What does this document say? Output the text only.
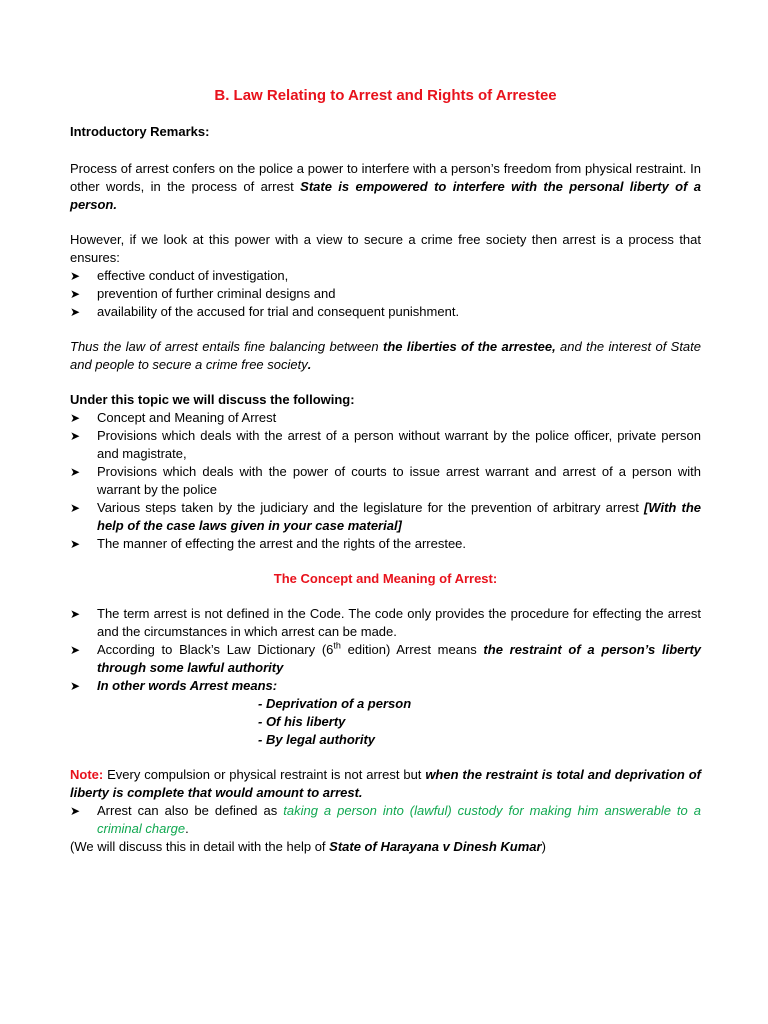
B. Law Relating to Arrest and Rights of Arrestee
Introductory Remarks:

Process of arrest confers on the police a power to interfere with a person’s freedom from physical restraint. In other words, in the process of arrest State is empowered to interfere with the personal liberty of a person.

However, if we look at this power with a view to secure a crime free society then arrest is a process that ensures:

➤	effective conduct of investigation,
➤	prevention of further criminal designs and
➤	availability of the accused for trial and consequent punishment.

Thus the law of arrest entails fine balancing between the liberties of the arrestee, and the interest of State and people to secure a crime free society.

Under this topic we will discuss the following:
➤	Concept and Meaning of Arrest
➤	Provisions which deals with the arrest of a person without warrant by the police officer, private person and magistrate,
➤	Provisions which deals with the power of courts to issue arrest warrant and arrest of a person with warrant by the police
➤	Various steps taken by the judiciary and the legislature for the prevention of arbitrary arrest [With the help of the case laws given in your case material]
➤	The manner of effecting the arrest and the rights of the arrestee.
The Concept and Meaning of Arrest:
➤	The term arrest is not defined in the Code. The code only provides the procedure for effecting the arrest and the circumstances in which arrest can be made.
➤	According to Black’s Law Dictionary (6th edition) Arrest means the restraint of a person’s liberty through some lawful authority
➤	In other words Arrest means:
- Deprivation of a person
- Of his liberty
- By legal authority

Note: Every compulsion or physical restraint is not arrest but when the restraint is total and deprivation of liberty is complete that would amount to arrest.

➤	Arrest can also be defined as taking a person into (lawful) custody for making him answerable to a criminal charge.

(We will discuss this in detail with the help of State of Harayana v Dinesh Kumar)
